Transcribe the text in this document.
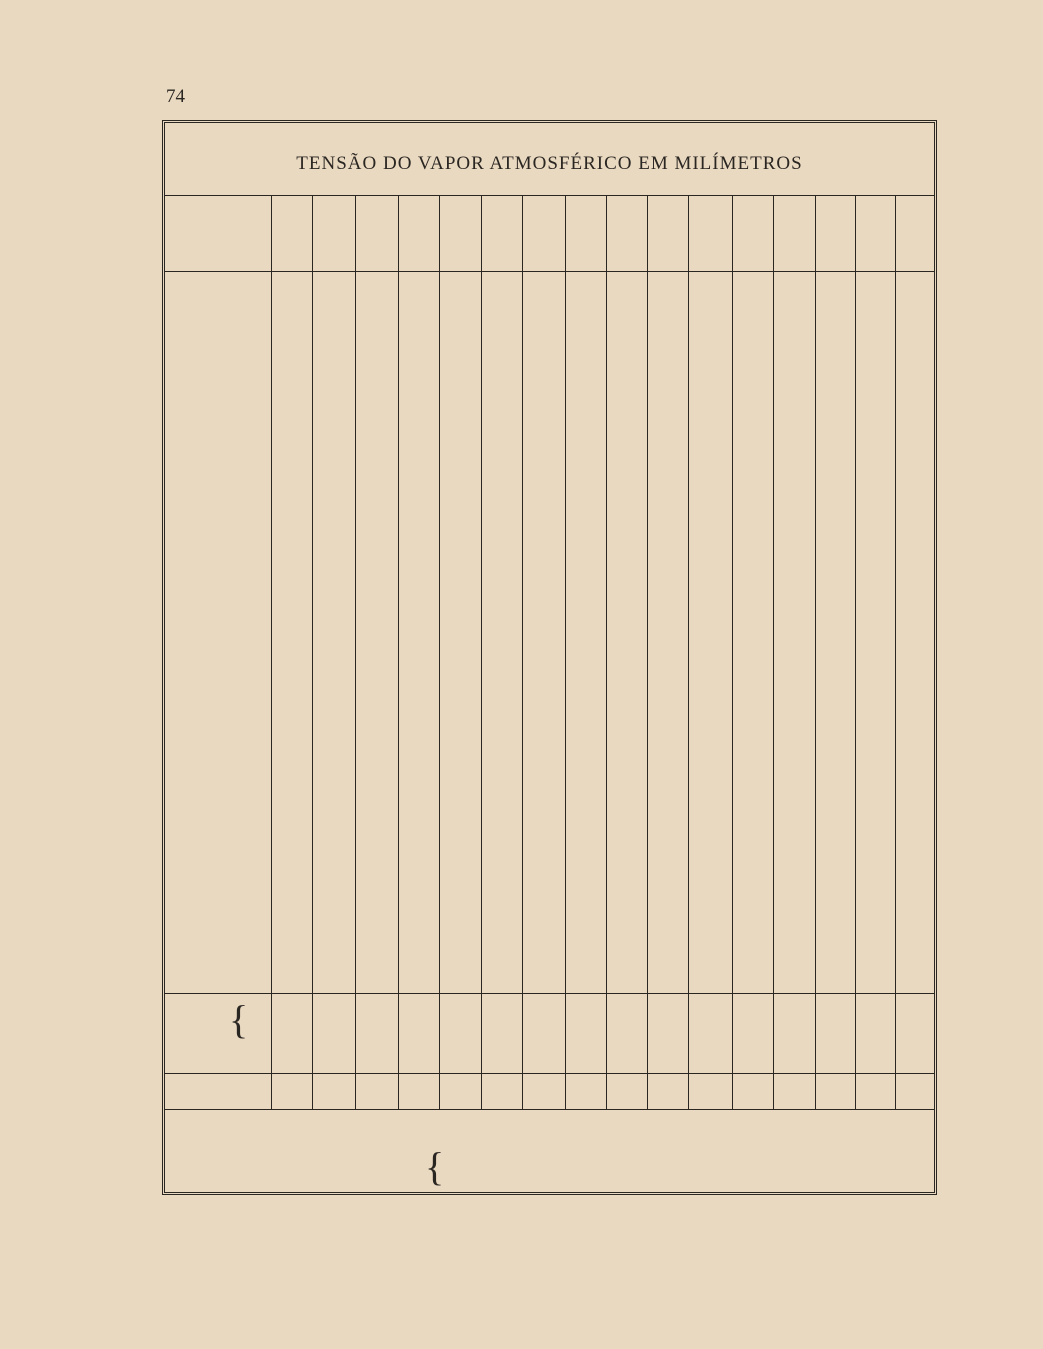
74
TENSÃO DO VAPOR ATMOSFÉRICO EM MILÍMETROS
{
{
